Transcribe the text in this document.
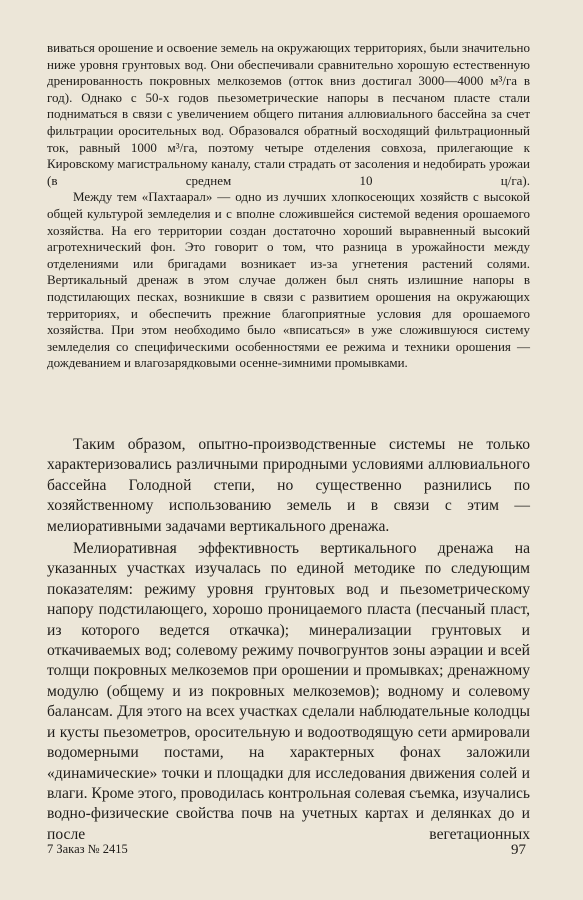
виваться орошение и освоение земель на окружающих территориях, были значительно ниже уровня грунтовых вод. Они обеспечивали сравнительно хорошую естественную дренированность покровных мелкоземов (отток вниз достигал 3000—4000 м³/га в год). Однако с 50-х годов пьезометрические напоры в песчаном пласте стали подниматься в связи с увеличением общего питания аллювиального бассейна за счет фильтрации оросительных вод. Образовался обратный восходящий фильтрационный ток, равный 1000 м³/га, поэтому четыре отделения совхоза, прилегающие к Кировскому магистральному каналу, стали страдать от засоления и недобирать урожаи (в среднем 10 ц/га).

Между тем «Пахтаарал» — одно из лучших хлопкосеющих хозяйств с высокой общей культурой земледелия и с вполне сложившейся системой ведения орошаемого хозяйства. На его территории создан достаточно хороший выравненный высокий агротехнический фон. Это говорит о том, что разница в урожайности между отделениями или бригадами возникает из-за угнетения растений солями. Вертикальный дренаж в этом случае должен был снять излишние напоры в подстилающих песках, возникшие в связи с развитием орошения на окружающих территориях, и обеспечить прежние благоприятные условия для орошаемого хозяйства. При этом необходимо было «вписаться» в уже сложившуюся систему земледелия со специфическими особенностями ее режима и техники орошения — дождеванием и влагозарядковыми осенне-зимними промывками.

Таким образом, опытно-производственные системы не только характеризовались различными природными условиями аллювиального бассейна Голодной степи, но существенно разнились по хозяйственному использованию земель и в связи с этим — мелиоративными задачами вертикального дренажа.

Мелиоративная эффективность вертикального дренажа на указанных участках изучалась по единой методике по следующим показателям: режиму уровня грунтовых вод и пьезометрическому напору подстилающего, хорошо проницаемого пласта (песчаный пласт, из которого ведется откачка); минерализации грунтовых и откачиваемых вод; солевому режиму почвогрунтов зоны аэрации и всей толщи покровных мелкоземов при орошении и промывках; дренажному модулю (общему и из покровных мелкоземов); водному и солевому балансам. Для этого на всех участках сделали наблюдательные колодцы и кусты пьезометров, оросительную и водоотводящую сети армировали водомерными постами, на характерных фонах заложили «динамические» точки и площадки для исследования движения солей и влаги. Кроме этого, проводилась контрольная солевая съемка, изучались водно-физические свойства почв на учетных картах и делянках до и после вегетационных

7 Заказ № 2415	97
